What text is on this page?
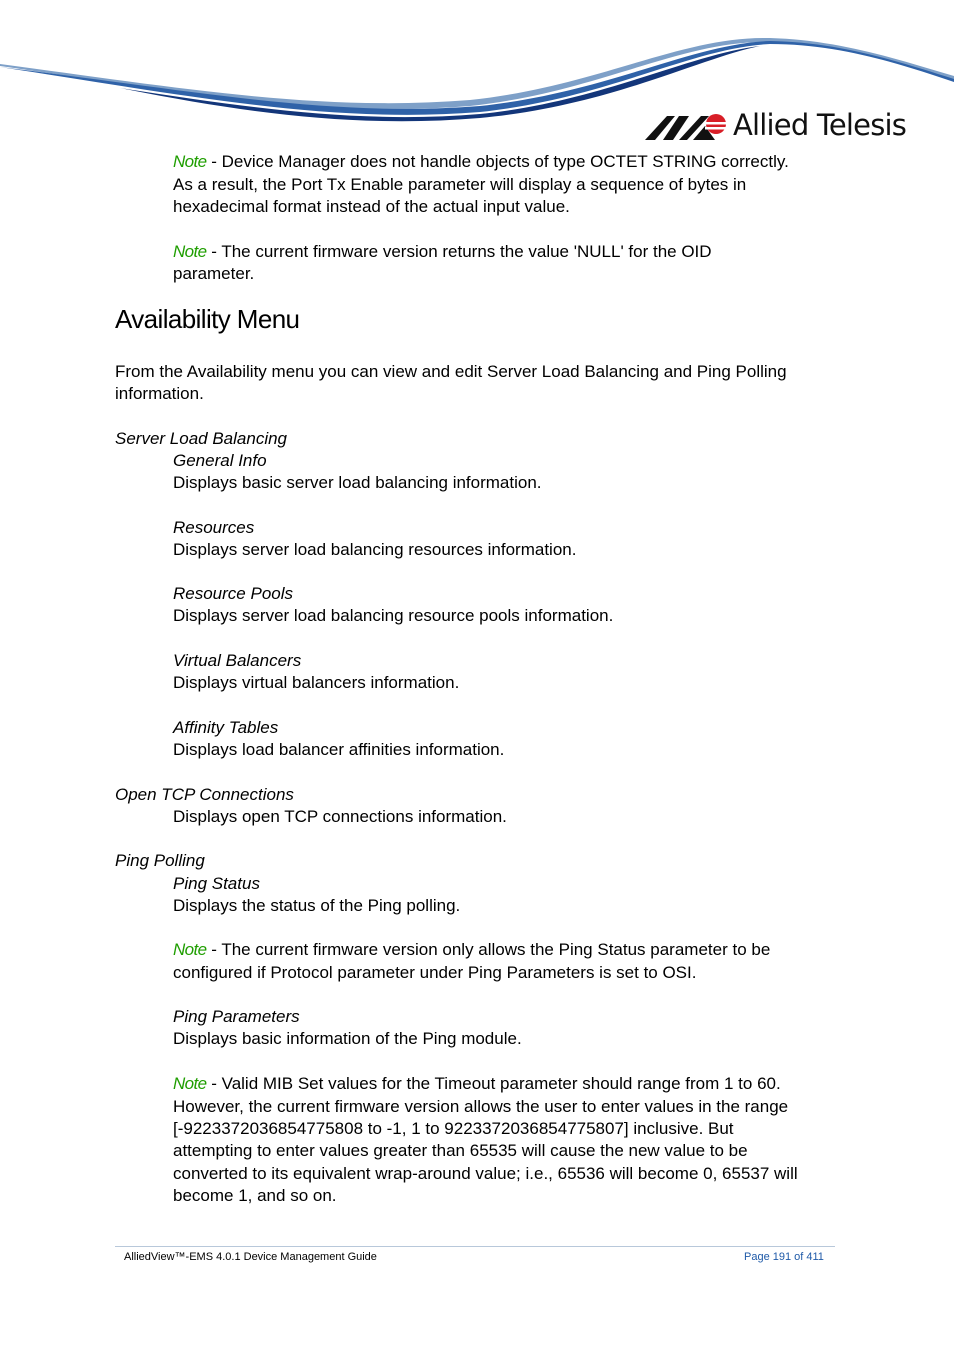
Allied Telesis

Note - Device Manager does not handle objects of type OCTET STRING correctly.

As a result, the Port Tx Enable parameter will display a sequence of bytes in

hexadecimal format instead of the actual input value.

Note - The current firmware version returns the value 'NULL' for the OID

parameter.

Availability Menu

From the Availability menu you can view and edit Server Load Balancing and Ping Polling

information.

Server Load Balancing

General Info

Displays basic server load balancing information.

Resources

Displays server load balancing resources information.

Resource Pools

Displays server load balancing resource pools information.

Virtual Balancers

Displays virtual balancers information.

Affinity Tables

Displays load balancer affinities information.

Open TCP Connections

Displays open TCP connections information.

Ping Polling

Ping Status

Displays the status of the Ping polling.

Note - The current firmware version only allows the Ping Status parameter to be

configured if Protocol parameter under Ping Parameters is set to OSI.

Ping Parameters

Displays basic information of the Ping module.

Note - Valid MIB Set values for the Timeout parameter should range from 1 to 60.

However, the current firmware version allows the user to enter values in the range

[-9223372036854775808 to -1, 1 to 9223372036854775807] inclusive. But

attempting to enter values greater than 65535 will cause the new value to be

converted to its equivalent wrap-around value; i.e., 65536 will become 0, 65537 will

become 1, and so on.

AlliedView™-EMS 4.0.1 Device Management Guide	Page 191 of 411
